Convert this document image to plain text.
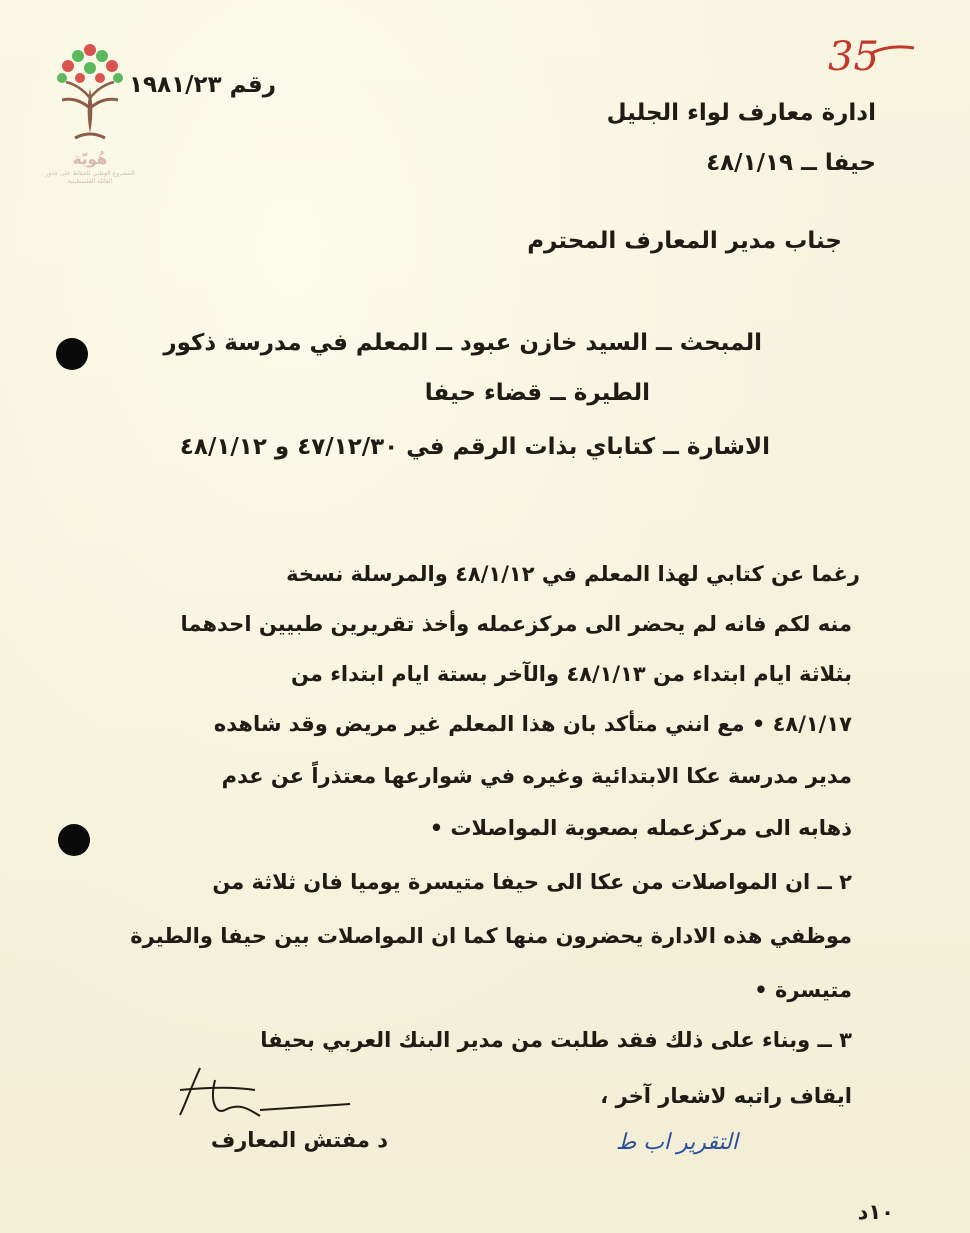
هُويّة
المشروع الوطني للحفاظ على جذور العائلة الفلسطينية
35
رقم ١٩٨١/٢٣
ادارة معارف لواء الجليل
حيفا ــ ٤٨/١/١٩
جناب مدير المعارف المحترم
المبحث ــ السيد خازن عبود ــ المعلم في مدرسة ذكور
الطيرة ــ قضاء حيفا
الاشارة ــ كتاباي بذات الرقم في ٤٧/١٢/٣٠ و ٤٨/١/١٢
رغما عن كتابي لهذا المعلم في ٤٨/١/١٢ والمرسلة نسخة
منه لكم فانه لم يحضر الى مركزعمله وأخذ تقريرين طبيين احدهما
بثلاثة ايام ابتداء من ٤٨/١/١٣ والآخر بستة ايام ابتداء من
٤٨/١/١٧ • مع انني متأكد بان هذا المعلم غير مريض وقد شاهده
مدير مدرسة عكا الابتدائية وغيره في شوارعها معتذراً عن عدم
ذهابه الى مركزعمله بصعوبة المواصلات •
٢ ــ ان المواصلات من عكا الى حيفا متيسرة يوميا فان ثلاثة من
موظفي هذه الادارة يحضرون منها كما ان المواصلات بين حيفا والطيرة
متيسرة •
٣ ــ وبناء على ذلك فقد طلبت من مدير البنك العربي بحيفا
ايقاف راتبه لاشعار آخر ،
د مفتش المعارف	التقرير اب ط
١٠د
